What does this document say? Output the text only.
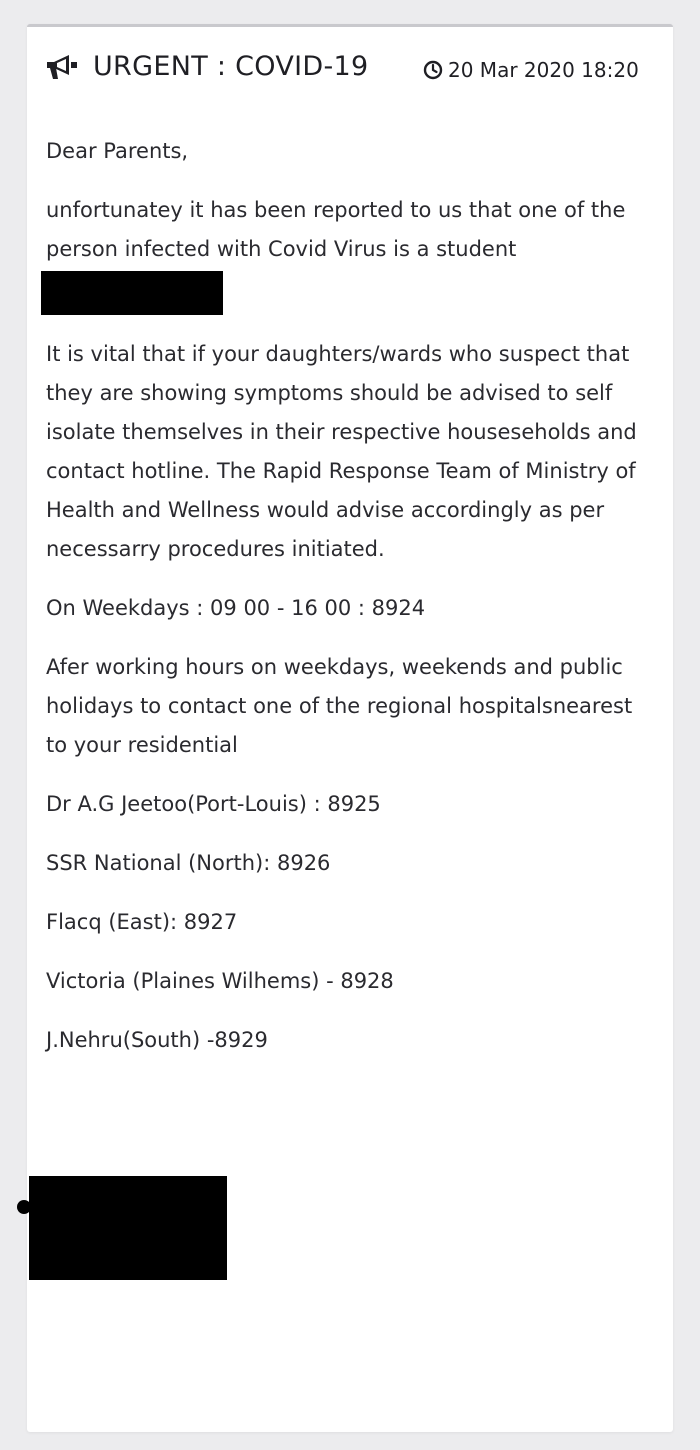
URGENT : COVID-19	20 Mar 2020 18:20

Dear Parents,

unfortunatey it has been reported to us that one of the person infected with Covid Virus is a student

It is vital that if your daughters/wards who suspect that they are showing symptoms should be advised to self isolate themselves in their respective houseseholds and contact hotline. The Rapid Response Team of Ministry of Health and Wellness would advise accordingly as per necessarry procedures initiated.

On Weekdays : 09 00 - 16 00 : 8924

Afer working hours on weekdays, weekends and public holidays to contact one of the regional hospitalsnearest to your residential

Dr A.G Jeetoo(Port-Louis) : 8925

SSR National (North): 8926

Flacq (East): 8927

Victoria (Plaines Wilhems) - 8928

J.Nehru(South) -8929
